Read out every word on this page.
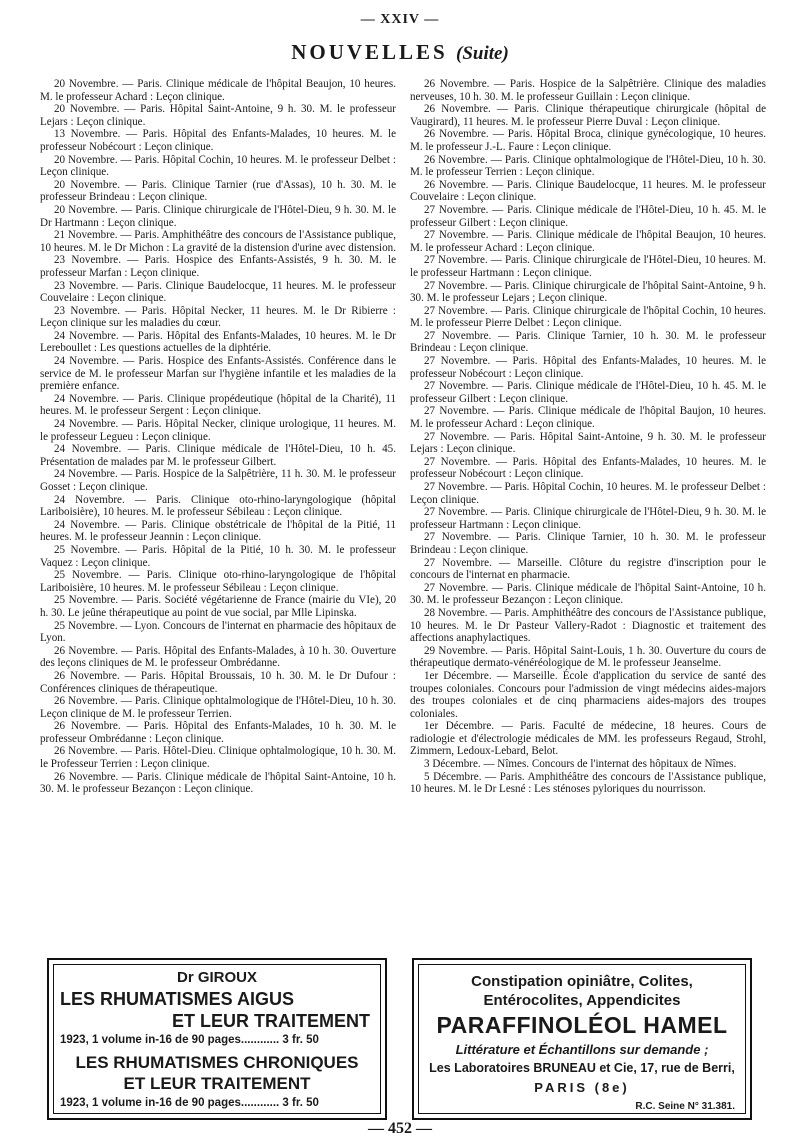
— XXIV —
NOUVELLES (Suite)

20 Novembre. — Paris. Clinique médicale de l'hôpital Beaujon, 10 heures. M. le professeur Achard : Leçon clinique.

20 Novembre. — Paris. Hôpital Saint-Antoine, 9 h. 30. M. le professeur Lejars : Leçon clinique.

13 Novembre. — Paris. Hôpital des Enfants-Malades, 10 heures. M. le professeur Nobécourt : Leçon clinique.

20 Novembre. — Paris. Hôpital Cochin, 10 heures. M. le professeur Delbet : Leçon clinique.

20 Novembre. — Paris. Clinique Tarnier (rue d'Assas), 10 h. 30. M. le professeur Brindeau : Leçon clinique.

20 Novembre. — Paris. Clinique chirurgicale de l'Hôtel-Dieu, 9 h. 30. M. le Dr Hartmann : Leçon clinique.

21 Novembre. — Paris. Amphithéâtre des concours de l'Assistance publique, 10 heures. M. le Dr Michon : La gravité de la distension d'urine avec distension.

23 Novembre. — Paris. Hospice des Enfants-Assistés, 9 h. 30. M. le professeur Marfan : Leçon clinique.

23 Novembre. — Paris. Clinique Baudelocque, 11 heures. M. le professeur Couvelaire : Leçon clinique.

23 Novembre. — Paris. Hôpital Necker, 11 heures. M. le Dr Ribierre : Leçon clinique sur les maladies du cœur.

24 Novembre. — Paris. Hôpital des Enfants-Malades, 10 heures. M. le Dr Lereboullet : Les questions actuelles de la diphtérie.

24 Novembre. — Paris. Hospice des Enfants-Assistés. Conférence dans le service de M. le professeur Marfan sur l'hygiène infantile et les maladies de la première enfance.

24 Novembre. — Paris. Clinique propédeutique (hôpital de la Charité), 11 heures. M. le professeur Sergent : Leçon clinique.

24 Novembre. — Paris. Hôpital Necker, clinique urologique, 11 heures. M. le professeur Legueu : Leçon clinique.

24 Novembre. — Paris. Clinique médicale de l'Hôtel-Dieu, 10 h. 45. Présentation de malades par M. le professeur Gilbert.

24 Novembre. — Paris. Hospice de la Salpêtrière, 11 h. 30. M. le professeur Gosset : Leçon clinique.

24 Novembre. — Paris. Clinique oto-rhino-laryngologique (hôpital Lariboisière), 10 heures. M. le professeur Sébileau : Leçon clinique.

24 Novembre. — Paris. Clinique obstétricale de l'hôpital de la Pitié, 11 heures. M. le professeur Jeannin : Leçon clinique.

25 Novembre. — Paris. Hôpital de la Pitié, 10 h. 30. M. le professeur Vaquez : Leçon clinique.

25 Novembre. — Paris. Clinique oto-rhino-laryngologique de l'hôpital Lariboisière, 10 heures. M. le professeur Sébileau : Leçon clinique.

25 Novembre. — Paris. Société végétarienne de France (mairie du VIe), 20 h. 30. Le jeûne thérapeutique au point de vue social, par Mlle Lipinska.

25 Novembre. — Lyon. Concours de l'internat en pharmacie des hôpitaux de Lyon.

26 Novembre. — Paris. Hôpital des Enfants-Malades, à 10 h. 30. Ouverture des leçons cliniques de M. le professeur Ombrédanne.

26 Novembre. — Paris. Hôpital Broussais, 10 h. 30. M. le Dr Dufour : Conférences cliniques de thérapeutique.

26 Novembre. — Paris. Clinique ophtalmologique de l'Hôtel-Dieu, 10 h. 30. Leçon clinique de M. le professeur Terrien.

26 Novembre. — Paris. Hôpital des Enfants-Malades, 10 h. 30. M. le professeur Ombrédanne : Leçon clinique.

26 Novembre. — Paris. Hôtel-Dieu. Clinique ophtalmologique, 10 h. 30. M. le Professeur Terrien : Leçon clinique.

26 Novembre. — Paris. Clinique médicale de l'hôpital Saint-Antoine, 10 h. 30. M. le professeur Bezançon : Leçon clinique.

26 Novembre. — Paris. Hospice de la Salpêtrière. Clinique des maladies nerveuses, 10 h. 30. M. le professeur Guillain : Leçon clinique.

26 Novembre. — Paris. Clinique thérapeutique chirurgicale (hôpital de Vaugirard), 11 heures. M. le professeur Pierre Duval : Leçon clinique.

26 Novembre. — Paris. Hôpital Broca, clinique gynécologique, 10 heures. M. le professeur J.-L. Faure : Leçon clinique.

26 Novembre. — Paris. Clinique ophtalmologique de l'Hôtel-Dieu, 10 h. 30. M. le professeur Terrien : Leçon clinique.

26 Novembre. — Paris. Clinique Baudelocque, 11 heures. M. le professeur Couvelaire : Leçon clinique.

27 Novembre. — Paris. Clinique médicale de l'Hôtel-Dieu, 10 h. 45. M. le professeur Gilbert : Leçon clinique.

27 Novembre. — Paris. Clinique médicale de l'hôpital Beaujon, 10 heures. M. le professeur Achard : Leçon clinique.

27 Novembre. — Paris. Clinique chirurgicale de l'Hôtel-Dieu, 10 heures. M. le professeur Hartmann : Leçon clinique.

27 Novembre. — Paris. Clinique chirurgicale de l'hôpital Saint-Antoine, 9 h. 30. M. le professeur Lejars ; Leçon clinique.

27 Novembre. — Paris. Clinique chirurgicale de l'hôpital Cochin, 10 heures. M. le professeur Pierre Delbet : Leçon clinique.

27 Novembre. — Paris. Clinique Tarnier, 10 h. 30. M. le professeur Brindeau : Leçon clinique.

27 Novembre. — Paris. Hôpital des Enfants-Malades, 10 heures. M. le professeur Nobécourt : Leçon clinique.

27 Novembre. — Paris. Clinique médicale de l'Hôtel-Dieu, 10 h. 45. M. le professeur Gilbert : Leçon clinique.

27 Novembre. — Paris. Clinique médicale de l'hôpital Baujon, 10 heures. M. le professeur Achard : Leçon clinique.

27 Novembre. — Paris. Hôpital Saint-Antoine, 9 h. 30. M. le professeur Lejars : Leçon clinique.

27 Novembre. — Paris. Hôpital des Enfants-Malades, 10 heures. M. le professeur Nobécourt : Leçon clinique.

27 Novembre. — Paris. Hôpital Cochin, 10 heures. M. le professeur Delbet : Leçon clinique.

27 Novembre. — Paris. Clinique chirurgicale de l'Hôtel-Dieu, 9 h. 30. M. le professeur Hartmann : Leçon clinique.

27 Novembre. — Paris. Clinique Tarnier, 10 h. 30. M. le professeur Brindeau : Leçon clinique.

27 Novembre. — Marseille. Clôture du registre d'inscription pour le concours de l'internat en pharmacie.

27 Novembre. — Paris. Clinique médicale de l'hôpital Saint-Antoine, 10 h. 30. M. le professeur Bezançon : Leçon clinique.

28 Novembre. — Paris. Amphithéâtre des concours de l'Assistance publique, 10 heures. M. le Dr Pasteur Vallery-Radot : Diagnostic et traitement des affections anaphylactiques.

29 Novembre. — Paris. Hôpital Saint-Louis, 1 h. 30. Ouverture du cours de thérapeutique dermato-vénéréologique de M. le professeur Jeanselme.

1er Décembre. — Marseille. École d'application du service de santé des troupes coloniales. Concours pour l'admission de vingt médecins aides-majors des troupes coloniales et de cinq pharmaciens aides-majors des troupes coloniales.

1er Décembre. — Paris. Faculté de médecine, 18 heures. Cours de radiologie et d'électrologie médicales de MM. les professeurs Regaud, Strohl, Zimmern, Ledoux-Lebard, Belot.

3 Décembre. — Nîmes. Concours de l'internat des hôpitaux de Nîmes.

5 Décembre. — Paris. Amphithéâtre des concours de l'Assistance publique, 10 heures. M. le Dr Lesné : Les sténoses pyloriques du nourrisson.

Dr GIROUX
LES RHUMATISMES AIGUS
ET LEUR TRAITEMENT
1923, 1 volume in-16 de 90 pages............ 3 fr. 50
LES RHUMATISMES CHRONIQUES
ET LEUR TRAITEMENT
1923, 1 volume in-16 de 90 pages............ 3 fr. 50
Constipation opiniâtre, Colites,
Entérocolites, Appendicites
PARAFFINOLÉOL HAMEL
Littérature et Échantillons sur demande ;
Les Laboratoires BRUNEAU et Cie, 17, rue de Berri,
PARIS (8e)
R.C. Seine N° 31.381.
— 452 —
